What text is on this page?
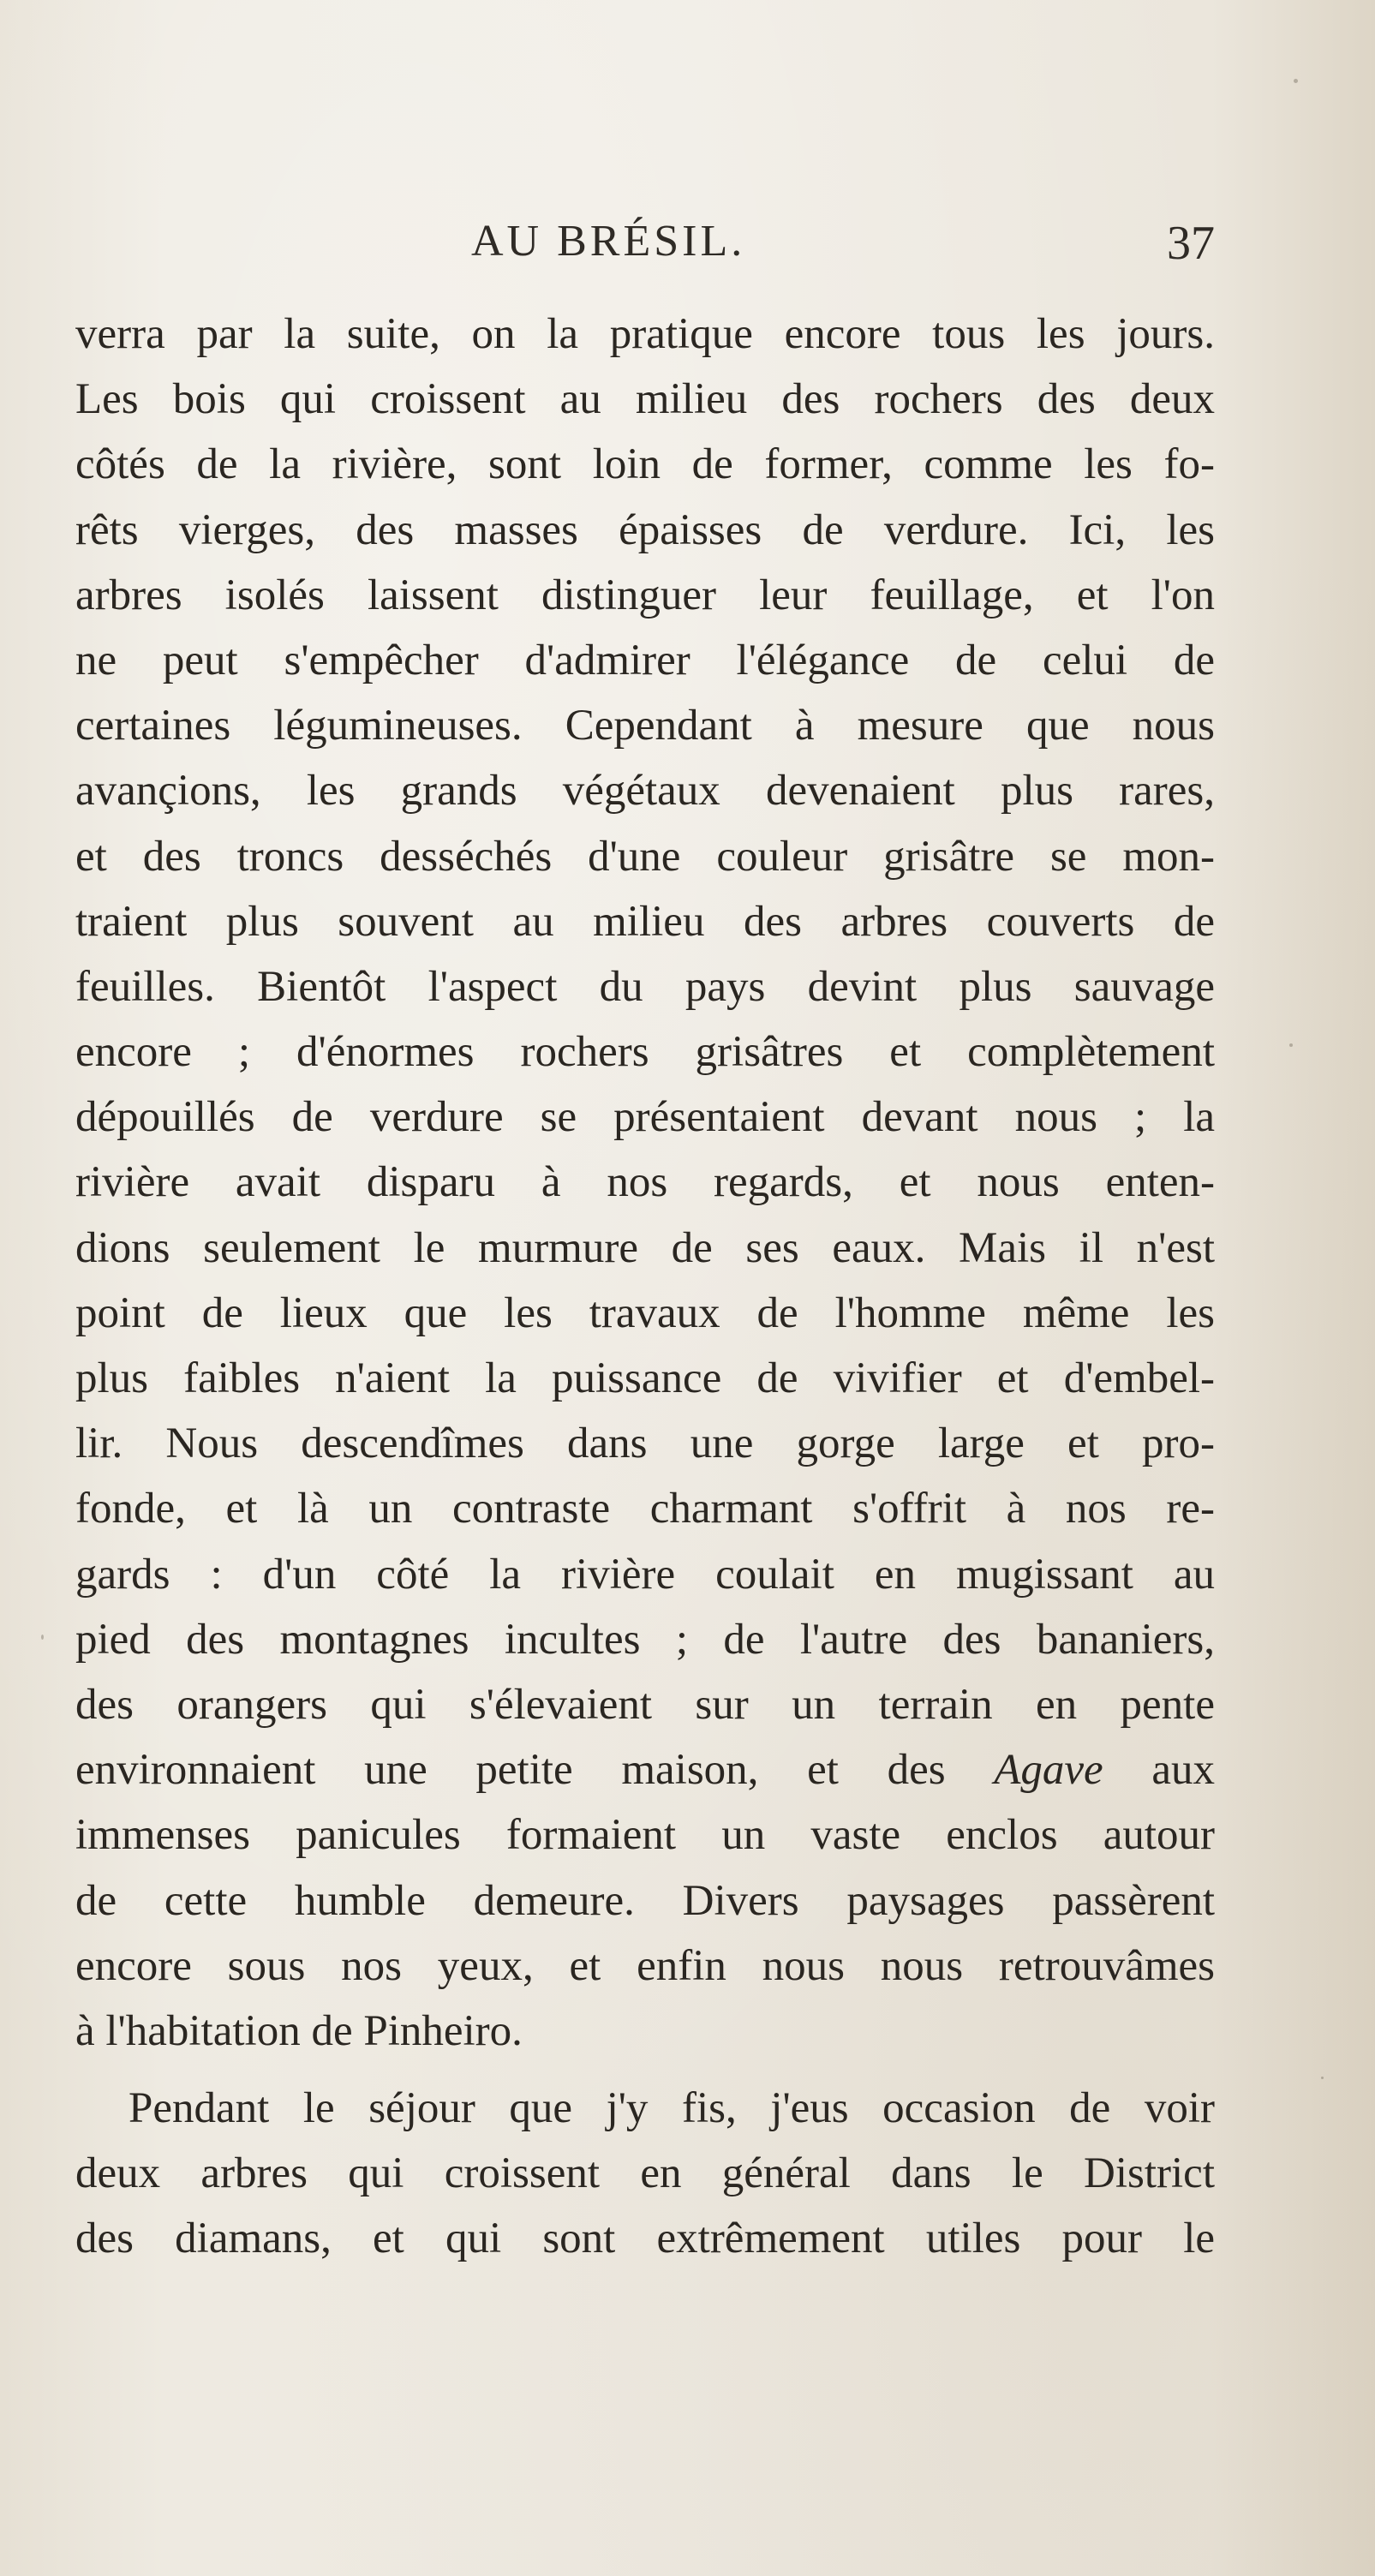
AU BRÉSIL.	37
verra par la suite, on la pratique encore tous les jours.
Les bois qui croissent au milieu des rochers des deux
côtés de la rivière, sont loin de former, comme les fo-
rêts vierges, des masses épaisses de verdure. Ici, les
arbres isolés laissent distinguer leur feuillage, et l'on
ne peut s'empêcher d'admirer l'élégance de celui de
certaines légumineuses. Cependant à mesure que nous
avançions, les grands végétaux devenaient plus rares,
et des troncs desséchés d'une couleur grisâtre se mon-
traient plus souvent au milieu des arbres couverts de
feuilles. Bientôt l'aspect du pays devint plus sauvage
encore ; d'énormes rochers grisâtres et complètement
dépouillés de verdure se présentaient devant nous ; la
rivière avait disparu à nos regards, et nous enten-
dions seulement le murmure de ses eaux. Mais il n'est
point de lieux que les travaux de l'homme même les
plus faibles n'aient la puissance de vivifier et d'embel-
lir. Nous descendîmes dans une gorge large et pro-
fonde, et là un contraste charmant s'offrit à nos re-
gards : d'un côté la rivière coulait en mugissant au
pied des montagnes incultes ; de l'autre des bananiers,
des orangers qui s'élevaient sur un terrain en pente
environnaient une petite maison, et des Agave aux
immenses panicules formaient un vaste enclos autour
de cette humble demeure. Divers paysages passèrent
encore sous nos yeux, et enfin nous nous retrouvâmes
à l'habitation de Pinheiro.
Pendant le séjour que j'y fis, j'eus occasion de voir
deux arbres qui croissent en général dans le District
des diamans, et qui sont extrêmement utiles pour le
